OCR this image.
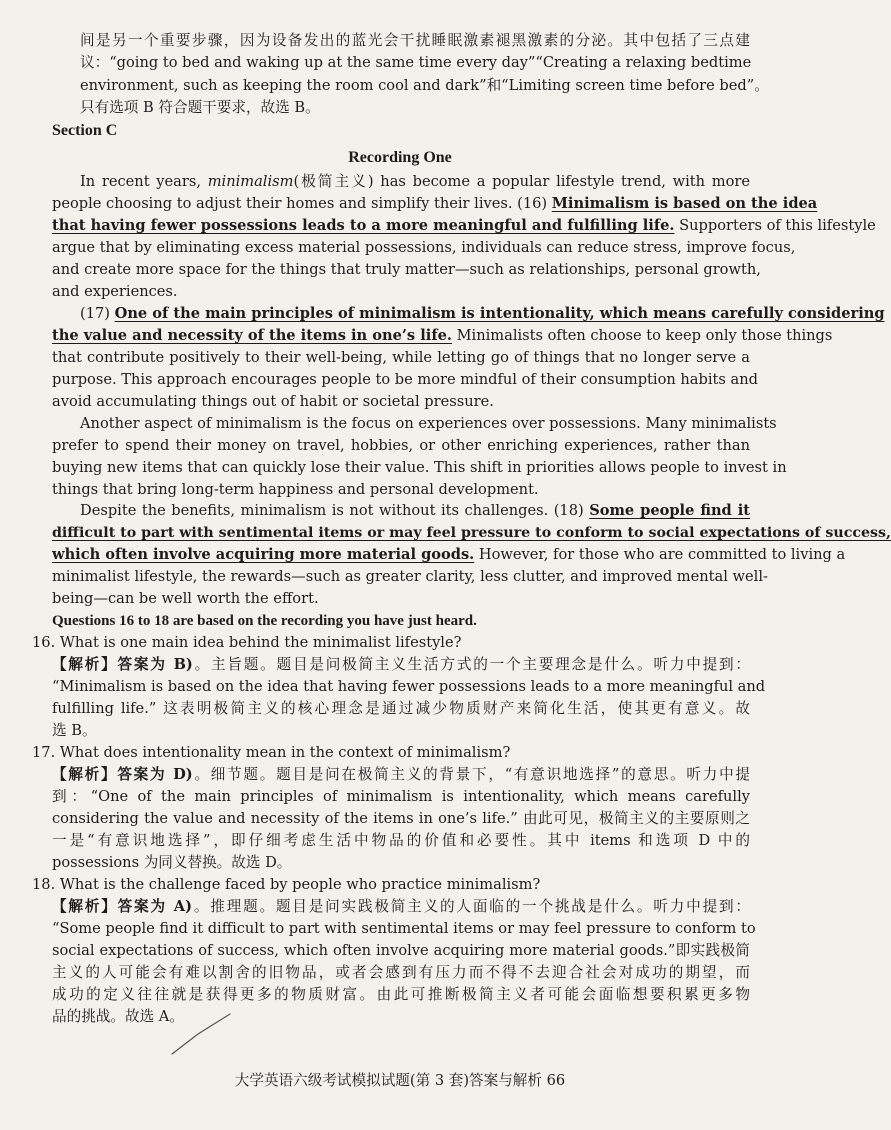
间是另一个重要步骤，因为设备发出的蓝光会干扰睡眠激素褪黑激素的分泌。其中包括了三点建
议：“going to bed and waking up at the same time every day”“Creating a relaxing bedtime
environment, such as keeping the room cool and dark”和“Limiting screen time before bed”。
只有选项 B 符合题干要求，故选 B。
Section C
Recording One
In recent years, minimalism(极简主义) has become a popular lifestyle trend, with more
people choosing to adjust their homes and simplify their lives. (16) Minimalism is based on the idea
that having fewer possessions leads to a more meaningful and fulfilling life. Supporters of this lifestyle
argue that by eliminating excess material possessions, individuals can reduce stress, improve focus,
and create more space for the things that truly matter—such as relationships, personal growth,
and experiences.
(17) One of the main principles of minimalism is intentionality, which means carefully considering
the value and necessity of the items in one’s life. Minimalists often choose to keep only those things
that contribute positively to their well-being, while letting go of things that no longer serve a
purpose. This approach encourages people to be more mindful of their consumption habits and
avoid accumulating things out of habit or societal pressure.
Another aspect of minimalism is the focus on experiences over possessions. Many minimalists
prefer to spend their money on travel, hobbies, or other enriching experiences, rather than
buying new items that can quickly lose their value. This shift in priorities allows people to invest in
things that bring long-term happiness and personal development.
Despite the benefits, minimalism is not without its challenges. (18) Some people find it
difficult to part with sentimental items or may feel pressure to conform to social expectations of success,
which often involve acquiring more material goods. However, for those who are committed to living a
minimalist lifestyle, the rewards—such as greater clarity, less clutter, and improved mental well-
being—can be well worth the effort.
Questions 16 to 18 are based on the recording you have just heard.
16. What is one main idea behind the minimalist lifestyle?
【解析】答案为 B)。主旨题。题目是问极简主义生活方式的一个主要理念是什么。听力中提到：
“Minimalism is based on the idea that having fewer possessions leads to a more meaningful and
fulfilling life.” 这表明极简主义的核心理念是通过减少物质财产来简化生活，使其更有意义。故
选 B。
17. What does intentionality mean in the context of minimalism?
【解析】答案为 D)。细节题。题目是问在极简主义的背景下，“有意识地选择”的意思。听力中提
到：“One of the main principles of minimalism is intentionality, which means carefully
considering the value and necessity of the items in one’s life.” 由此可见，极简主义的主要原则之
一是“有意识地选择”，即仔细考虑生活中物品的价值和必要性。其中 items 和选项 D 中的
possessions 为同义替换。故选 D。
18. What is the challenge faced by people who practice minimalism?
【解析】答案为 A)。推理题。题目是问实践极简主义的人面临的一个挑战是什么。听力中提到：
“Some people find it difficult to part with sentimental items or may feel pressure to conform to
social expectations of success, which often involve acquiring more material goods.”即实践极简
主义的人可能会有难以割舍的旧物品，或者会感到有压力而不得不去迎合社会对成功的期望，而
成功的定义往往就是获得更多的物质财富。由此可推断极简主义者可能会面临想要积累更多物
品的挑战。故选 A。
大学英语六级考试模拟试题(第 3 套)答案与解析 66
